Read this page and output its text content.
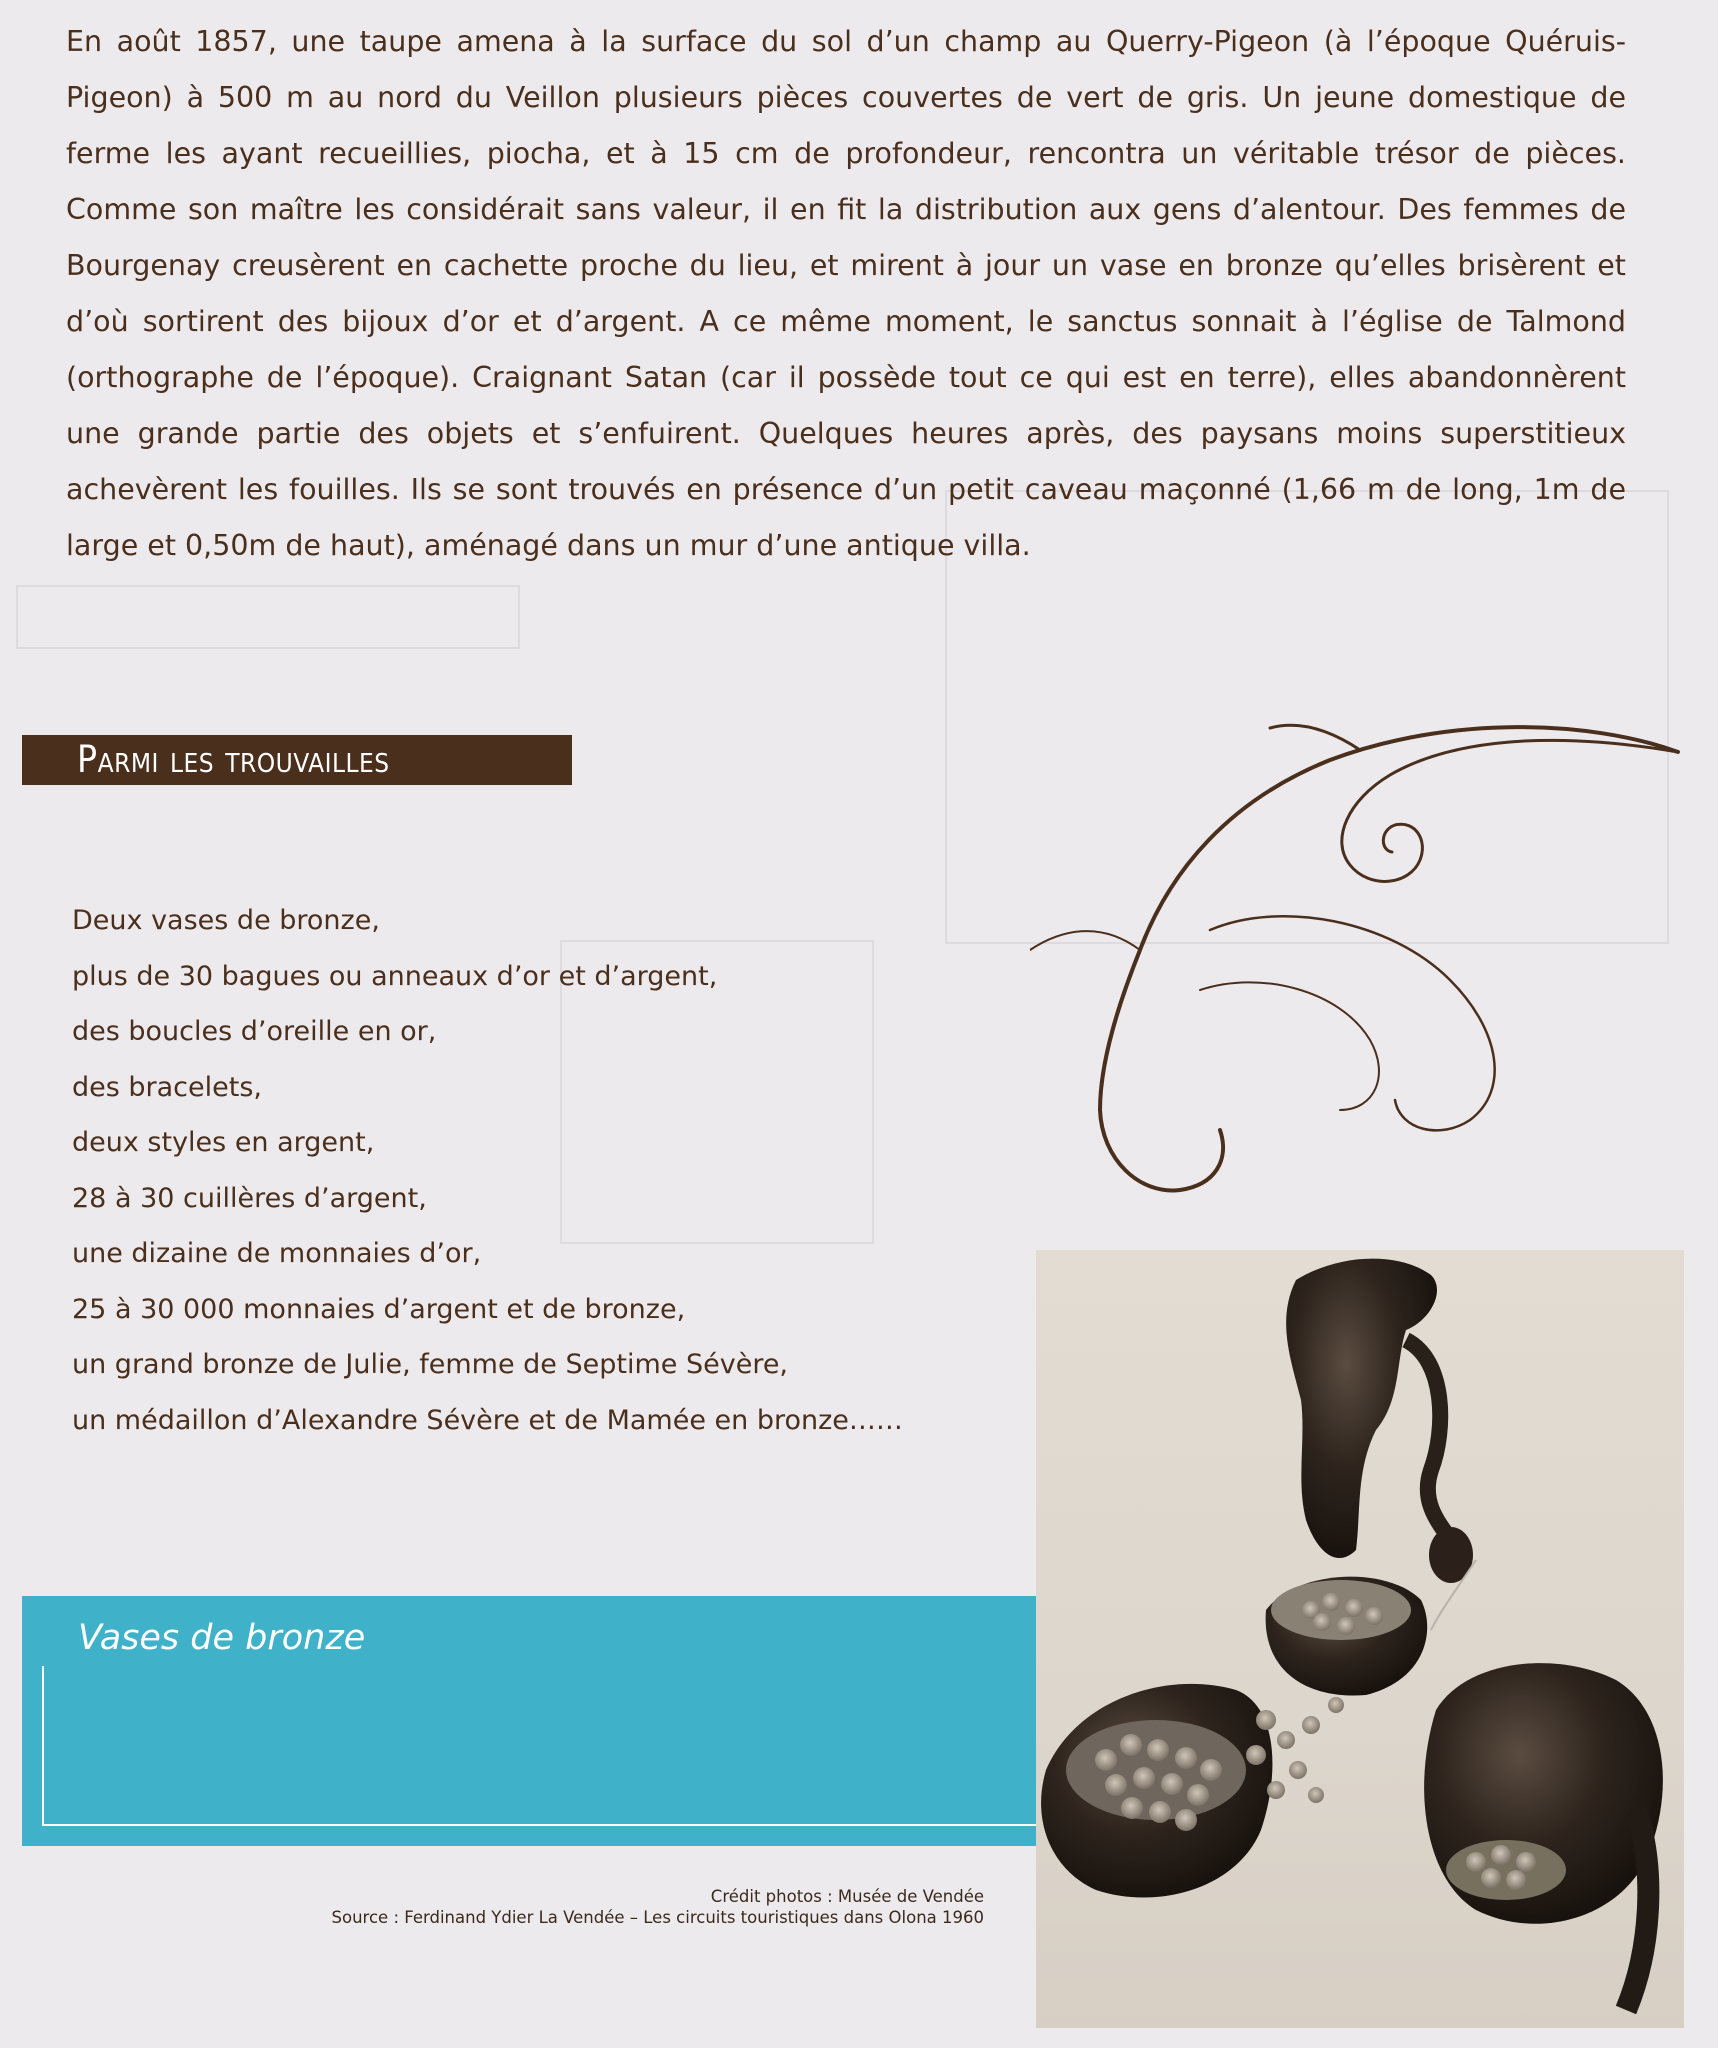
En août 1857, une taupe amena à la surface du sol d’un champ au Querry-Pigeon (à l’époque Quéruis-Pigeon) à 500 m au nord du Veillon plusieurs pièces couvertes de vert de gris. Un jeune domestique de ferme les ayant recueillies, piocha, et à 15 cm de profondeur, rencontra un véritable trésor de pièces. Comme son maître les considérait sans valeur, il en fit la distribution aux gens d’alentour. Des femmes de Bourgenay creusèrent en cachette proche du lieu, et mirent à jour un vase en bronze qu’elles brisèrent et d’où sortirent des bijoux d’or et d’argent. A ce même moment, le sanctus sonnait à l’église de Talmond (orthographe de l’époque). Craignant Satan (car il possède tout ce qui est en terre), elles abandonnèrent une grande partie des objets et s’enfuirent. Quelques heures après, des paysans moins superstitieux achevèrent les fouilles. Ils se sont trouvés en présence d’un petit caveau maçonné (1,66 m de long, 1m de large et 0,50m de haut), aménagé dans un mur d’une antique villa.

Parmi les trouvailles
Deux vases de bronze,
plus de 30 bagues ou anneaux d’or et d’argent,
des boucles d’oreille en or,
des bracelets,
deux styles en argent,
28 à 30 cuillères d’argent,
une dizaine de monnaies d’or,
25 à 30 000 monnaies d’argent et de bronze,
un grand bronze de Julie, femme de Septime Sévère,
un médaillon d’Alexandre Sévère et de Mamée en bronze……
Vases de bronze
Crédit photos : Musée de Vendée
Source : Ferdinand Ydier La Vendée – Les circuits touristiques dans Olona 1960
